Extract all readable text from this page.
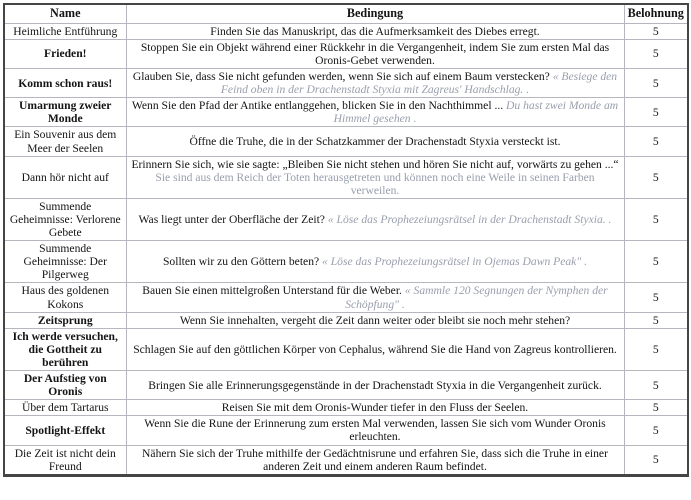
Name	Bedingung	Belohnung
Heimliche Entführung	Finden Sie das Manuskript, das die Aufmerksamkeit des Diebes erregt.	5
Frieden!	Stoppen Sie ein Objekt während einer Rückkehr in die Vergangenheit, indem Sie zum ersten Mal das Oronis-Gebet verwenden.	5
Komm schon raus!	Glauben Sie, dass Sie nicht gefunden werden, wenn Sie sich auf einem Baum verstecken? « Besiege den Feind oben in der Drachenstadt Styxia mit Zagreus' Handschlag. .	5
Umarmung zweier Monde	Wenn Sie den Pfad der Antike entlanggehen, blicken Sie in den Nachthimmel ... Du hast zwei Monde am Himmel gesehen .	5
Ein Souvenir aus dem Meer der Seelen	Öffne die Truhe, die in der Schatzkammer der Drachenstadt Styxia versteckt ist.	5
Dann hör nicht auf	Erinnern Sie sich, wie sie sagte: „Bleiben Sie nicht stehen und hören Sie nicht auf, vorwärts zu gehen ...“ Sie sind aus dem Reich der Toten herausgetreten und können noch eine Weile in seinen Farben verweilen.	5
Summende Geheimnisse: Verlorene Gebete	Was liegt unter der Oberfläche der Zeit? « Löse das Prophezeiungsrätsel in der Drachenstadt Styxia. .	5
Summende Geheimnisse: Der Pilgerweg	Sollten wir zu den Göttern beten? « Löse das Prophezeiungsrätsel in Ojemas Dawn Peak" .	5
Haus des goldenen Kokons	Bauen Sie einen mittelgroßen Unterstand für die Weber. « Sammle 120 Segnungen der Nymphen der Schöpfung" .	5
Zeitsprung	Wenn Sie innehalten, vergeht die Zeit dann weiter oder bleibt sie noch mehr stehen?	5
Ich werde versuchen, die Gottheit zu berühren	Schlagen Sie auf den göttlichen Körper von Cephalus, während Sie die Hand von Zagreus kontrollieren.	5
Der Aufstieg von Oronis	Bringen Sie alle Erinnerungsgegenstände in der Drachenstadt Styxia in die Vergangenheit zurück.	5
Über dem Tartarus	Reisen Sie mit dem Oronis-Wunder tiefer in den Fluss der Seelen.	5
Spotlight-Effekt	Wenn Sie die Rune der Erinnerung zum ersten Mal verwenden, lassen Sie sich vom Wunder Oronis erleuchten.	5
Die Zeit ist nicht dein Freund	Nähern Sie sich der Truhe mithilfe der Gedächtnisrune und erfahren Sie, dass sich die Truhe in einer anderen Zeit und einem anderen Raum befindet.	5
